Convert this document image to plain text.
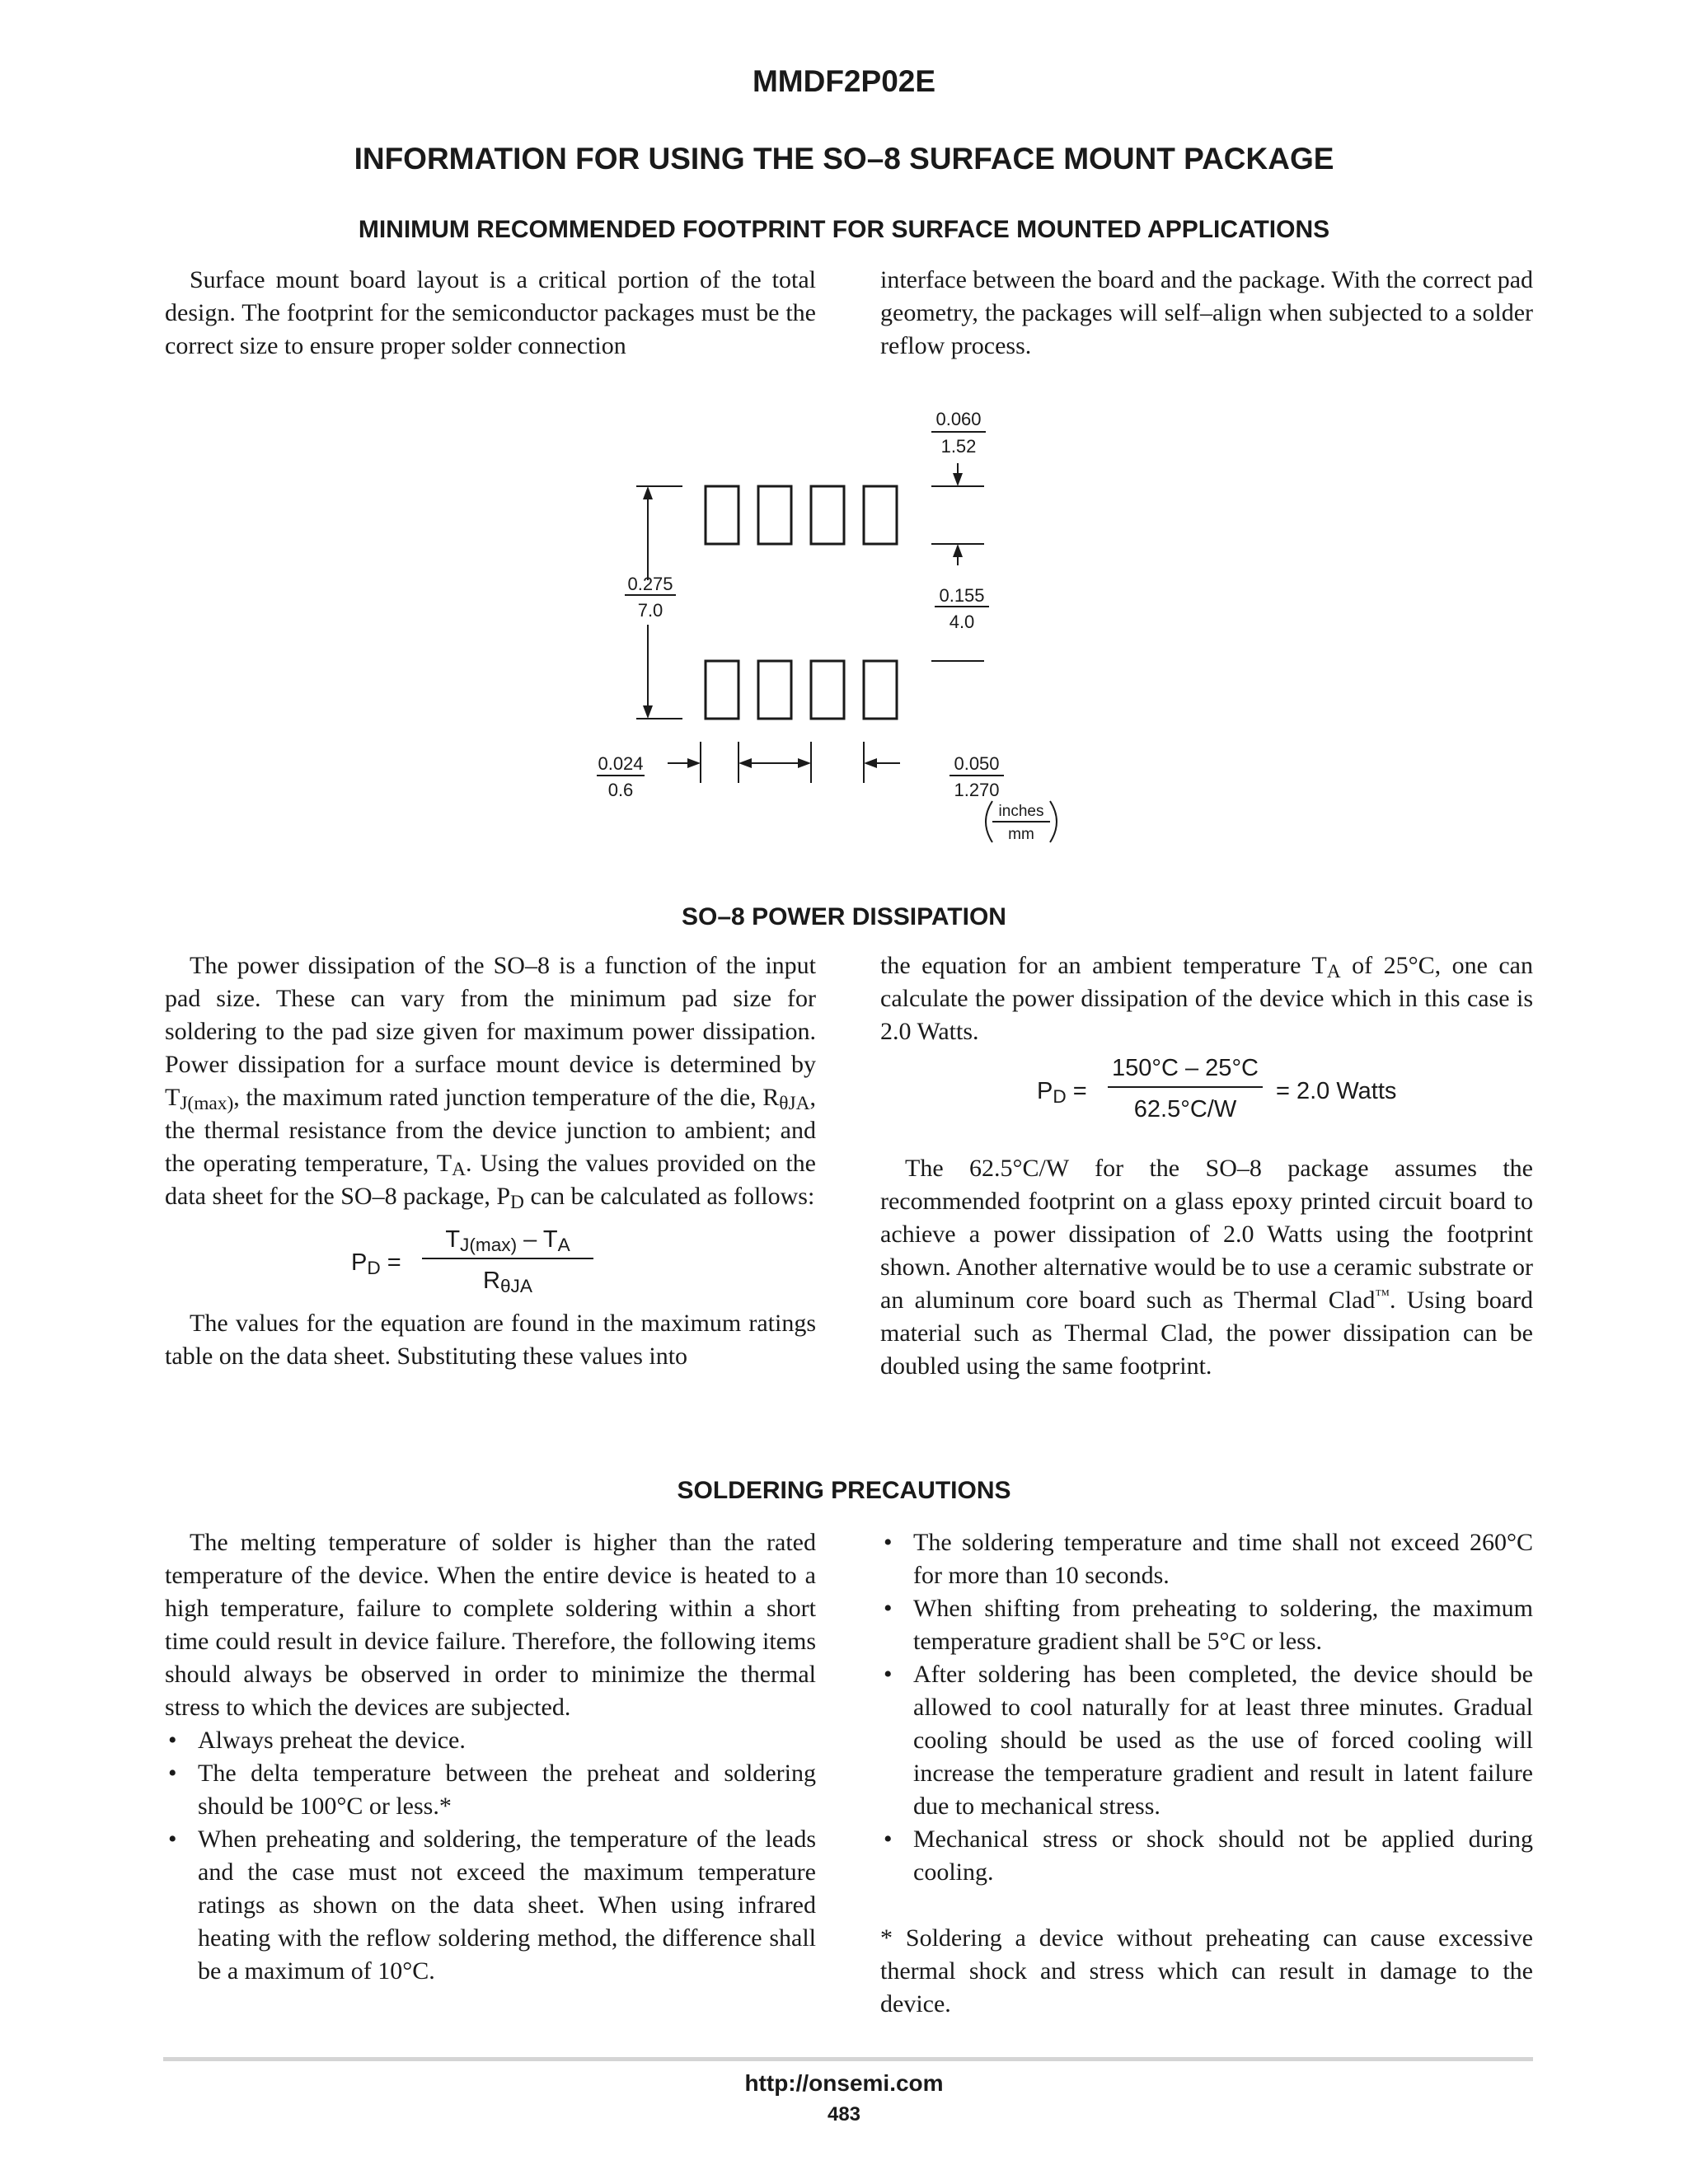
MMDF2P02E
INFORMATION FOR USING THE SO–8 SURFACE MOUNT PACKAGE
MINIMUM RECOMMENDED FOOTPRINT FOR SURFACE MOUNTED APPLICATIONS

Surface mount board layout is a critical portion of the total design. The footprint for the semiconductor packages must be the correct size to ensure proper solder connection

interface between the board and the package. With the correct pad geometry, the packages will self–align when subjected to a solder reflow process.

0.060
1.52
0.275
7.0
0.155
4.0
0.024
0.6
0.050
1.270
inches
mm
SO–8 POWER DISSIPATION

The power dissipation of the SO–8 is a function of the input pad size. These can vary from the minimum pad size for soldering to the pad size given for maximum power dissipation. Power dissipation for a surface mount device is determined by $T_{J(max)}$, the maximum rated junction temperature of the die, $R_{\theta JA}$, the thermal resistance from the device junction to ambient; and the operating temperature, $T_A$. Using the values provided on the data sheet for the SO–8 package, $P_D$ can be calculated as follows:

$P_D$ =
$T_{J(max)} - T_A$
$R_{\theta JA}$

The values for the equation are found in the maximum ratings table on the data sheet. Substituting these values into

the equation for an ambient temperature $T_A$ of 25°C, one can calculate the power dissipation of the device which in this case is 2.0 Watts.

$P_D$ =
150°C – 25°C
62.5°C/W
= 2.0 Watts

The 62.5°C/W for the SO–8 package assumes the recommended footprint on a glass epoxy printed circuit board to achieve a power dissipation of 2.0 Watts using the footprint shown. Another alternative would be to use a ceramic substrate or an aluminum core board such as Thermal Clad™. Using board material such as Thermal Clad, the power dissipation can be doubled using the same footprint.

SOLDERING PRECAUTIONS

The melting temperature of solder is higher than the rated temperature of the device. When the entire device is heated to a high temperature, failure to complete soldering within a short time could result in device failure. Therefore, the following items should always be observed in order to minimize the thermal stress to which the devices are subjected.

• Always preheat the device.
• The delta temperature between the preheat and soldering should be 100°C or less.*
• When preheating and soldering, the temperature of the leads and the case must not exceed the maximum temperature ratings as shown on the data sheet. When using infrared heating with the reflow soldering method, the difference shall be a maximum of 10°C.
• The soldering temperature and time shall not exceed 260°C for more than 10 seconds.
• When shifting from preheating to soldering, the maximum temperature gradient shall be 5°C or less.
• After soldering has been completed, the device should be allowed to cool naturally for at least three minutes. Gradual cooling should be used as the use of forced cooling will increase the temperature gradient and result in latent failure due to mechanical stress.
• Mechanical stress or shock should not be applied during cooling.

* Soldering a device without preheating can cause excessive thermal shock and stress which can result in damage to the device.

http://onsemi.com
483
